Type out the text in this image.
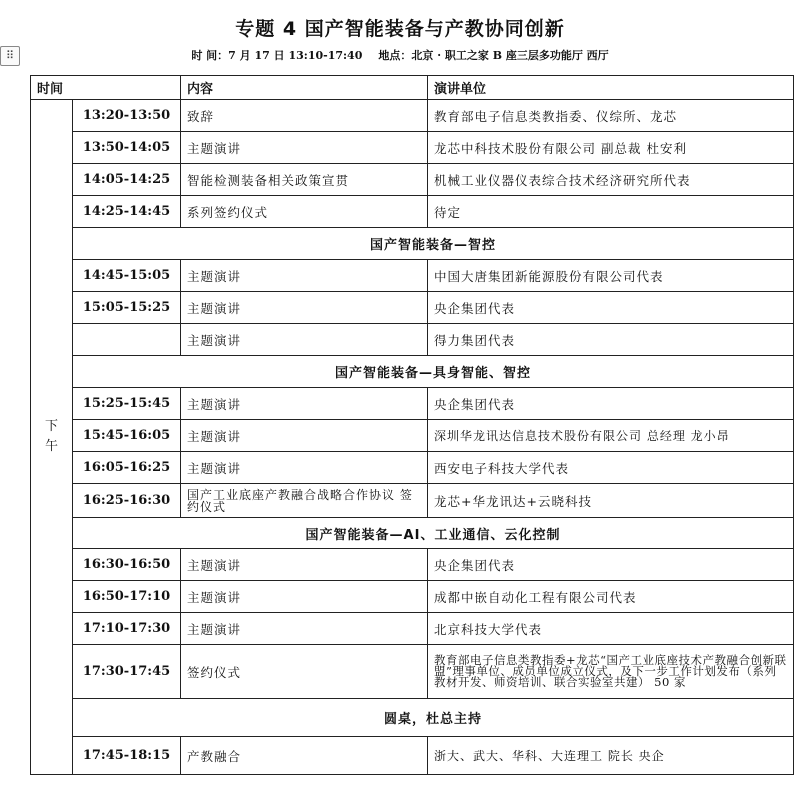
专题 4 国产智能装备与产教协同创新
⠿	时 间：7 月 17 日 13:10-17:40 地点：北京 · 职工之家 B 座三层多功能厅 西厅
时间		内容	演讲单位
下午	13:20-13:50	致辞	教育部电子信息类教指委、仪综所、龙芯
	13:50-14:05	主题演讲	龙芯中科技术股份有限公司 副总裁 杜安利
	14:05-14:25	智能检测装备相关政策宣贯	机械工业仪器仪表综合技术经济研究所代表
	14:25-14:45	系列签约仪式	待定
	国产智能装备—智控		
	14:45-15:05	主题演讲	中国大唐集团新能源股份有限公司代表
	15:05-15:25	主题演讲	央企集团代表
		主题演讲	得力集团代表
	国产智能装备—具身智能、智控		
	15:25-15:45	主题演讲	央企集团代表
	15:45-16:05	主题演讲	深圳华龙讯达信息技术股份有限公司 总经理 龙小昂
	16:05-16:25	主题演讲	西安电子科技大学代表
	16:25-16:30	国产工业底座产教融合战略合作协议 签约仪式	龙芯+华龙讯达+云晓科技
	国产智能装备—AI、工业通信、云化控制		
	16:30-16:50	主题演讲	央企集团代表
	16:50-17:10	主题演讲	成都中嵌自动化工程有限公司代表
	17:10-17:30	主题演讲	北京科技大学代表
	17:30-17:45	签约仪式	教育部电子信息类教指委+龙芯“国产工业底座技术产教融合创新联盟”理事单位、成员单位成立仪式，及下一步工作计划发布（系列教材开发、师资培训、联合实验室共建） 50 家
	圆桌，杜总主持		
	17:45-18:15	产教融合	浙大、武大、华科、大连理工 院长 央企
